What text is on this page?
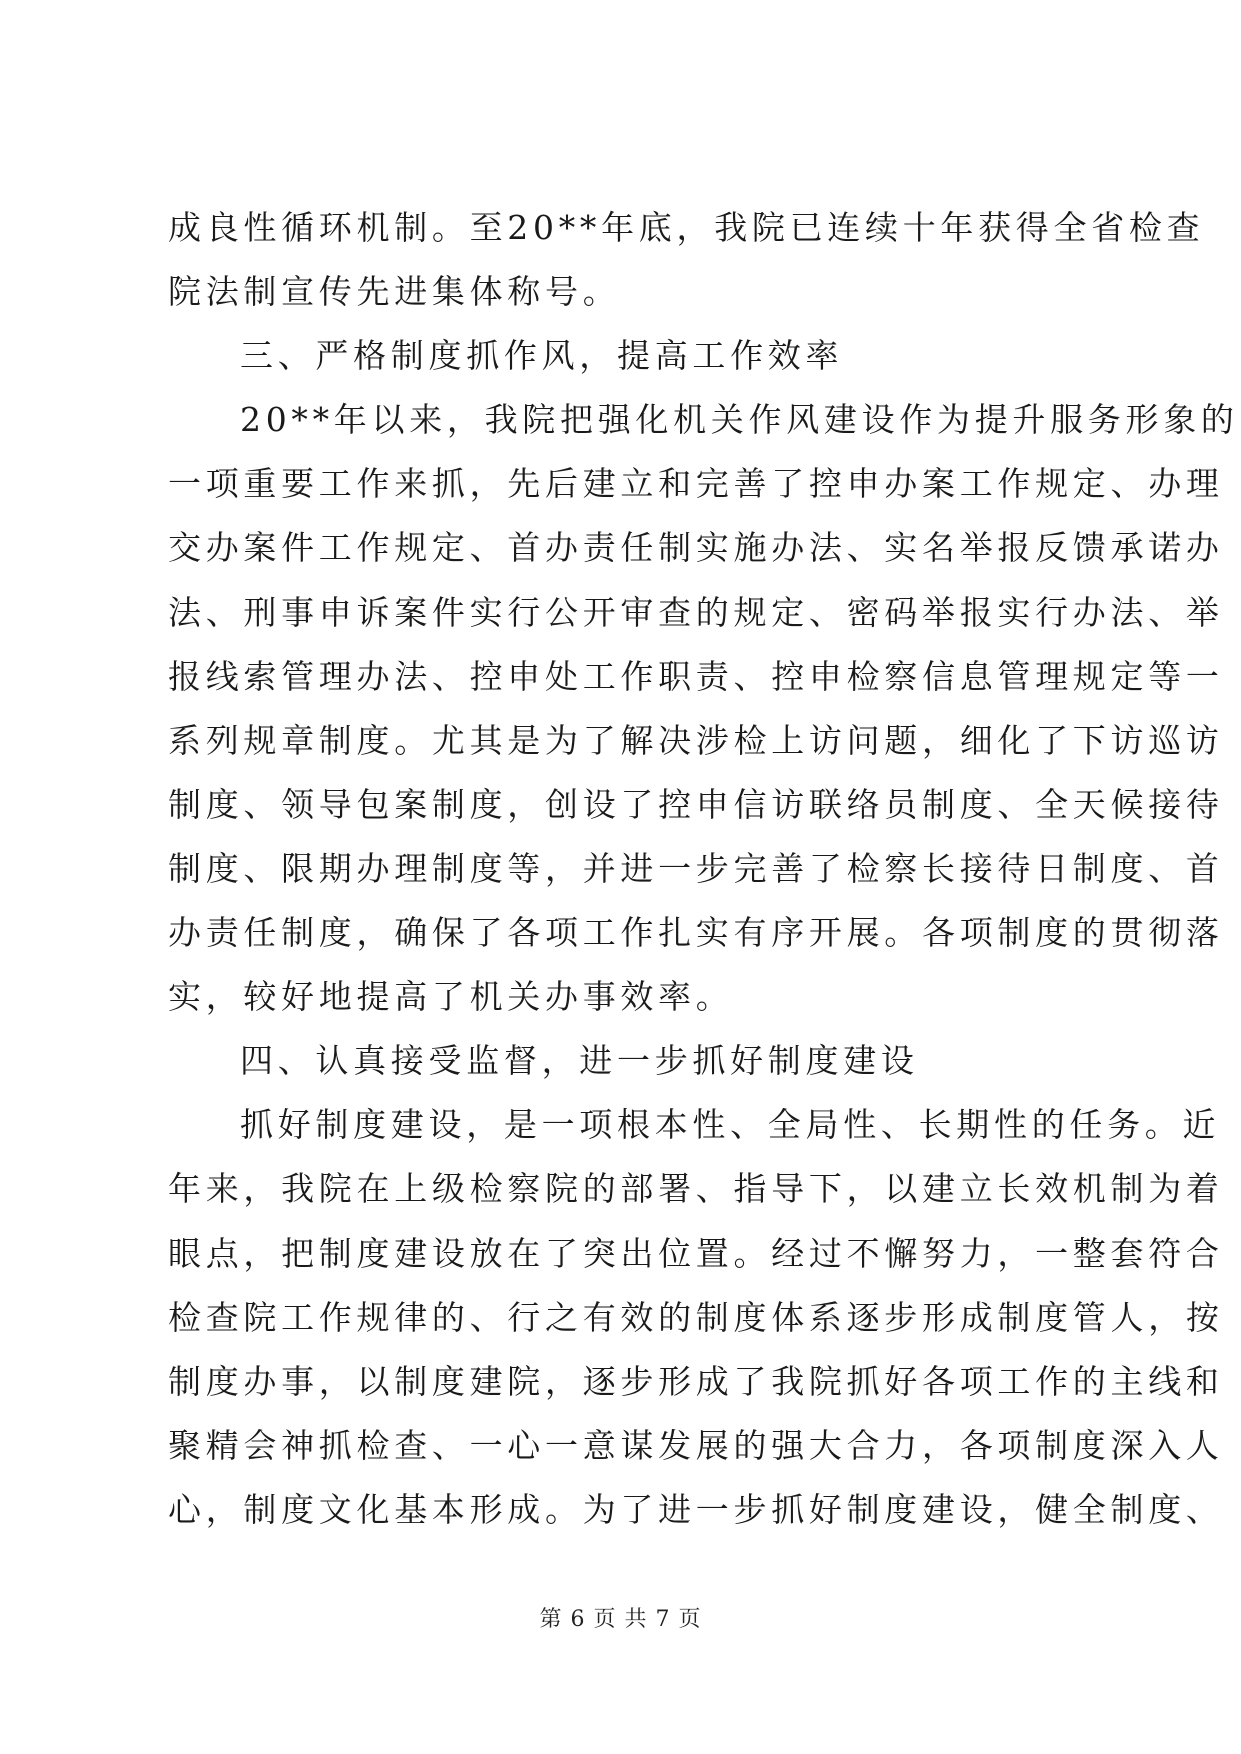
成良性循环机制。至20**年底，我院已连续十年获得全省检查
院法制宣传先进集体称号。
三、严格制度抓作风，提高工作效率
20**年以来，我院把强化机关作风建设作为提升服务形象的
一项重要工作来抓，先后建立和完善了控申办案工作规定、办理
交办案件工作规定、首办责任制实施办法、实名举报反馈承诺办
法、刑事申诉案件实行公开审查的规定、密码举报实行办法、举
报线索管理办法、控申处工作职责、控申检察信息管理规定等一
系列规章制度。尤其是为了解决涉检上访问题，细化了下访巡访
制度、领导包案制度，创设了控申信访联络员制度、全天候接待
制度、限期办理制度等，并进一步完善了检察长接待日制度、首
办责任制度，确保了各项工作扎实有序开展。各项制度的贯彻落
实，较好地提高了机关办事效率。
四、认真接受监督，进一步抓好制度建设
抓好制度建设，是一项根本性、全局性、长期性的任务。近
年来，我院在上级检察院的部署、指导下，以建立长效机制为着
眼点，把制度建设放在了突出位置。经过不懈努力，一整套符合
检查院工作规律的、行之有效的制度体系逐步形成制度管人，按
制度办事，以制度建院，逐步形成了我院抓好各项工作的主线和
聚精会神抓检查、一心一意谋发展的强大合力，各项制度深入人
心，制度文化基本形成。为了进一步抓好制度建设，健全制度、
第 6 页 共 7 页
